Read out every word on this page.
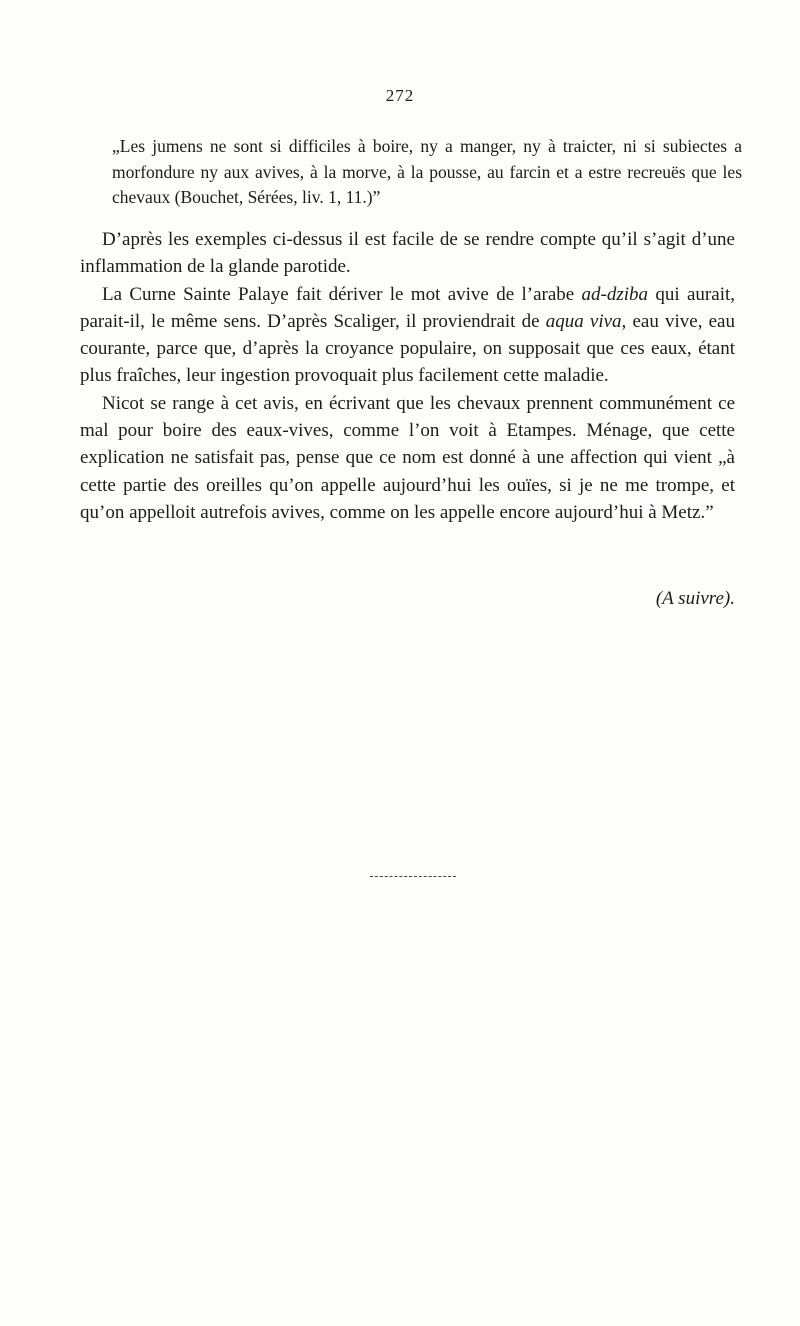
272

„Les jumens ne sont si difficiles à boire, ny a manger, ny à traicter, ni si subiectes a morfondure ny aux avives, à la morve, à la pousse, au farcin et a estre recreuës que les chevaux (Bouchet, Sérées, liv. 1, 11.)”

D’après les exemples ci-dessus il est facile de se rendre compte qu’il s’agit d’une inflammation de la glande parotide.

La Curne Sainte Palaye fait dériver le mot avive de l’arabe ad-dziba qui aurait, parait-il, le même sens. D’après Scaliger, il proviendrait de aqua viva, eau vive, eau courante, parce que, d’après la croyance populaire, on supposait que ces eaux, étant plus fraîches, leur ingestion provoquait plus facilement cette maladie.

Nicot se range à cet avis, en écrivant que les chevaux prennent communément ce mal pour boire des eaux-vives, comme l’on voit à Etampes. Ménage, que cette explication ne satisfait pas, pense que ce nom est donné à une affection qui vient „à cette partie des oreilles qu’on appelle aujourd’hui les ouïes, si je ne me trompe, et qu’on appelloit autrefois avives, comme on les appelle encore aujourd’hui à Metz.”

(A suivre).
